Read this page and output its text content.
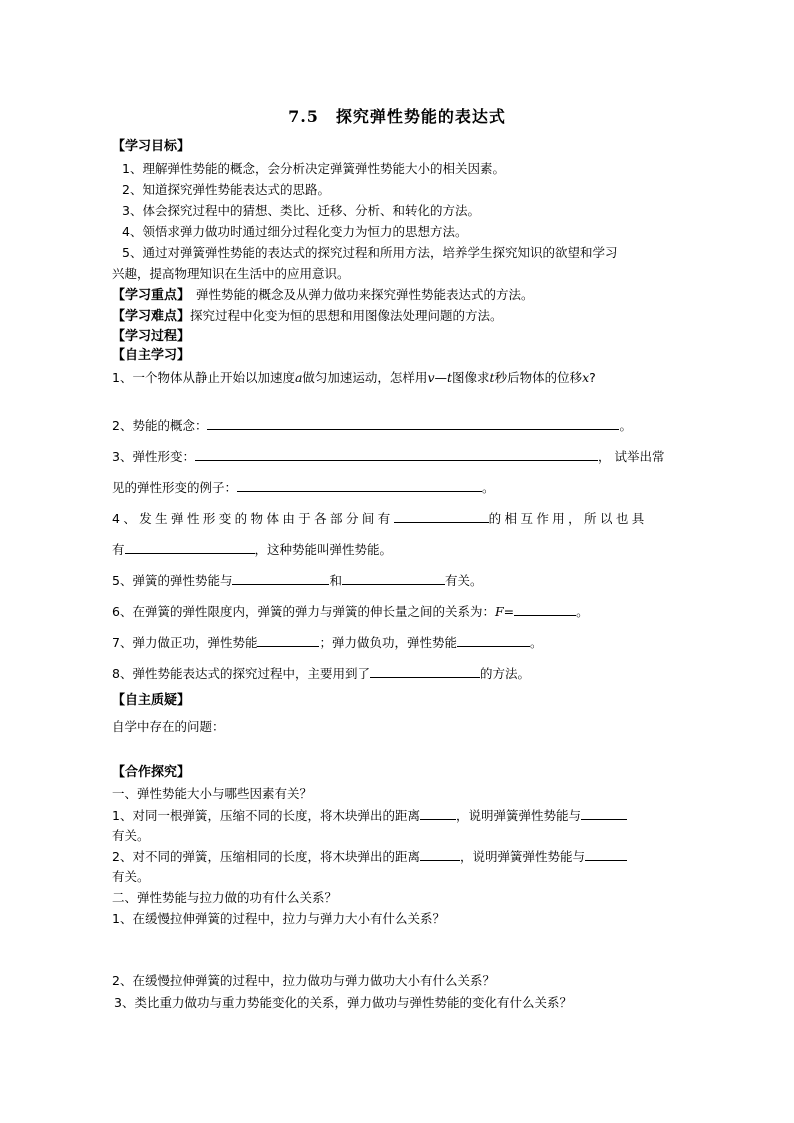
7.5　探究弹性势能的表达式
【学习目标】
1、理解弹性势能的概念，会分析决定弹簧弹性势能大小的相关因素。
2、知道探究弹性势能表达式的思路。
3、体会探究过程中的猜想、类比、迁移、分析、和转化的方法。
4、领悟求弹力做功时通过细分过程化变力为恒力的思想方法。
5、通过对弹簧弹性势能的表达式的探究过程和所用方法，培养学生探究知识的欲望和学习
兴趣，提高物理知识在生活中的应用意识。
【学习重点】　弹性势能的概念及从弹力做功来探究弹性势能表达式的方法。
【学习难点】探究过程中化变为恒的思想和用图像法处理问题的方法。
【学习过程】
【自主学习】
1、一个物体从静止开始以加速度a做匀加速运动，怎样用v—t图像求t秒后物体的位移x?
2、势能的概念：	。
3、弹性形变：	， 试举出常
见的弹性形变的例子：	。
4、发生弹性形变的物体由于各部分间有	的相互作用，所以也具
有	，这种势能叫弹性势能。
5、弹簧的弹性势能与	和	有关。
6、在弹簧的弹性限度内，弹簧的弹力与弹簧的伸长量之间的关系为：F=	。
7、弹力做正功，弹性势能	；弹力做负功，弹性势能	。
8、弹性势能表达式的探究过程中，主要用到了	的方法。
【自主质疑】
自学中存在的问题：
【合作探究】
一、弹性势能大小与哪些因素有关？
1、对同一根弹簧，压缩不同的长度，将木块弹出的距离	，说明弹簧弹性势能与
有关。
2、对不同的弹簧，压缩相同的长度，将木块弹出的距离	，说明弹簧弹性势能与
有关。
二、弹性势能与拉力做的功有什么关系？
1、在缓慢拉伸弹簧的过程中，拉力与弹力大小有什么关系？
2、在缓慢拉伸弹簧的过程中，拉力做功与弹力做功大小有什么关系？
3、类比重力做功与重力势能变化的关系，弹力做功与弹性势能的变化有什么关系？
